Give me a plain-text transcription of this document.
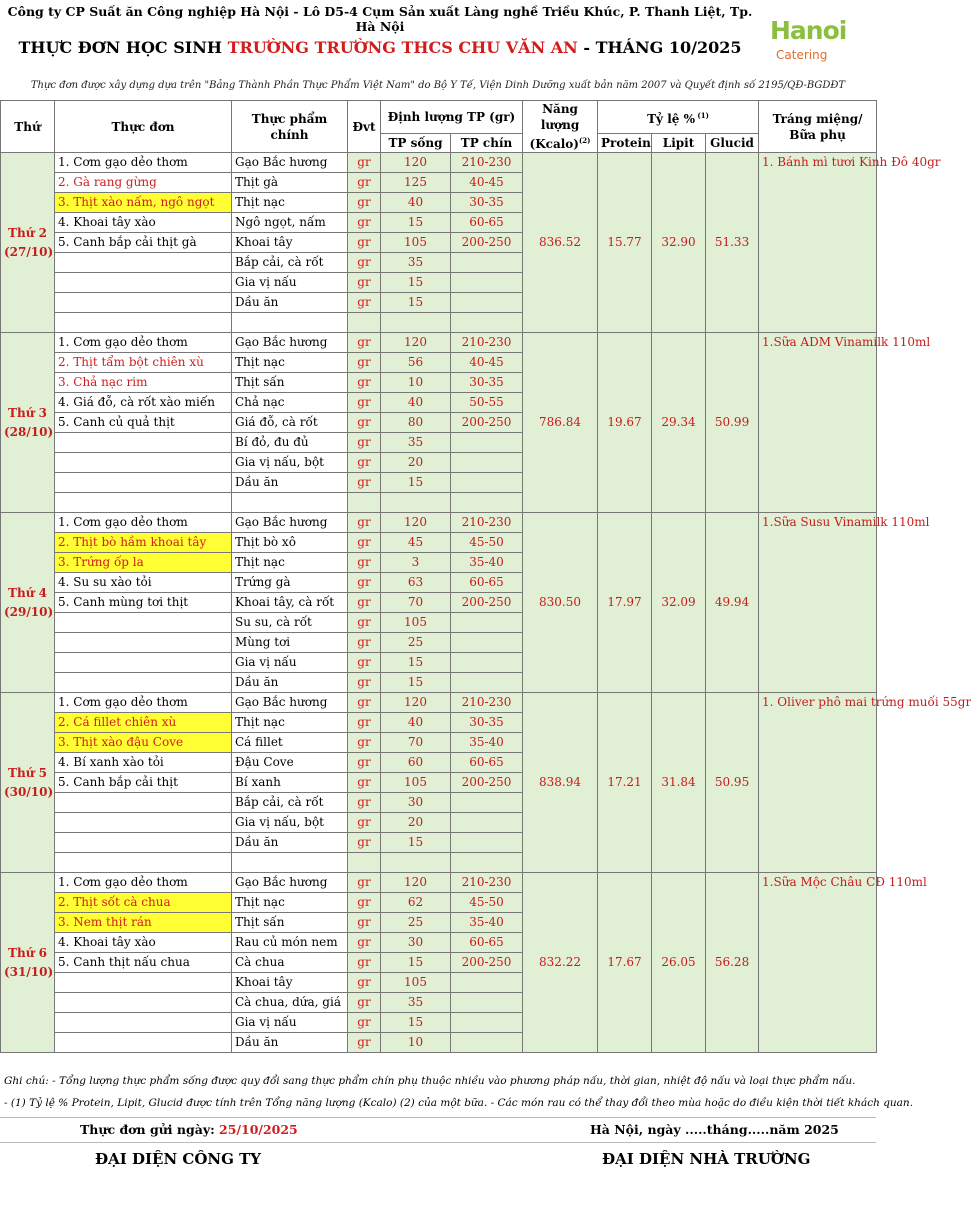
Công ty CP Suất ăn Công nghiệp Hà Nội - Lô D5-4 Cụm Sản xuất Làng nghề Triều Khúc, P. Thanh Liệt, Tp. Hà Nội
THỰC ĐƠN HỌC SINH TRƯỜNG TRƯỜNG THCS CHU VĂN AN - THÁNG 10/2025
Hanoi
Catering
Thực đơn được xây dựng dựa trên "Bảng Thành Phần Thực Phẩm Việt Nam" do Bộ Y Tế, Viện Dinh Dưỡng xuất bản năm 2007 và Quyết định số 2195/QĐ-BGDĐT
Thứ	Thực đơn	Thực phẩm chính	Đvt	Định lượng TP (gr)		Năng lượng
(Kcalo)$^{(2)}$	Tỷ lệ % $^{(1)}$			Tráng miệng/ Bữa phụ
				TP sống	TP chín		Protein	Lipit	Glucid	
Thứ 2
(27/10)	1. Cơm gạo dẻo thơm	Gạo Bắc hương	gr	120	210-230	836.52	15.77	32.90	51.33	1. Bánh mì tươi Kinh Đô 40gr
	2. Gà rang gừng	Thịt gà	gr	125	40-45					
	3. Thịt xào nấm, ngô ngọt	Thịt nạc	gr	40	30-35					
	4. Khoai tây xào	Ngô ngọt, nấm	gr	15	60-65					
	5. Canh bắp cải thịt gà	Khoai tây	gr	105	200-250					
		Bắp cải, cà rốt	gr	35						
		Gia vị nấu	gr	15						
		Dầu ăn	gr	15						

Thứ 3
(28/10)	1. Cơm gạo dẻo thơm	Gạo Bắc hương	gr	120	210-230	786.84	19.67	29.34	50.99	1.Sữa ADM Vinamilk 110ml
	2. Thịt tẩm bột chiên xù	Thịt nạc	gr	56	40-45					
	3. Chả nạc rim	Thịt sấn	gr	10	30-35					
	4. Giá đỗ, cà rốt xào miến	Chả nạc	gr	40	50-55					
	5. Canh củ quả thịt	Giá đỗ, cà rốt	gr	80	200-250					
		Bí đỏ, đu đủ	gr	35						
		Gia vị nấu, bột	gr	20						
		Dầu ăn	gr	15						

Thứ 4
(29/10)	1. Cơm gạo dẻo thơm	Gạo Bắc hương	gr	120	210-230	830.50	17.97	32.09	49.94	1.Sữa Susu Vinamilk 110ml
	2. Thịt bò hầm khoai tây	Thịt bò xô	gr	45	45-50					
	3. Trứng ốp la	Thịt nạc	gr	3	35-40					
	4. Su su xào tỏi	Trứng gà	gr	63	60-65					
	5. Canh mùng tơi thịt	Khoai tây, cà rốt	gr	70	200-250					
		Su su, cà rốt	gr	105						
		Mùng tơi	gr	25						
		Gia vị nấu	gr	15						
		Dầu ăn	gr	15						
Thứ 5
(30/10)	1. Cơm gạo dẻo thơm	Gạo Bắc hương	gr	120	210-230	838.94	17.21	31.84	50.95	1. Oliver phô mai trứng muối 55gr
	2. Cá fillet chiên xù	Thịt nạc	gr	40	30-35					
	3. Thịt xào đậu Cove	Cá fillet	gr	70	35-40					
	4. Bí xanh xào tỏi	Đậu Cove	gr	60	60-65					
	5. Canh bắp cải thịt	Bí xanh	gr	105	200-250					
		Bắp cải, cà rốt	gr	30						
		Gia vị nấu, bột	gr	20						
		Dầu ăn	gr	15						

Thứ 6
(31/10)	1. Cơm gạo dẻo thơm	Gạo Bắc hương	gr	120	210-230	832.22	17.67	26.05	56.28	1.Sữa Mộc Châu CĐ 110ml
	2. Thịt sốt cà chua	Thịt nạc	gr	62	45-50					
	3. Nem thịt rán	Thịt sấn	gr	25	35-40					
	4. Khoai tây xào	Rau củ món nem	gr	30	60-65					
	5. Canh thịt nấu chua	Cà chua	gr	15	200-250					
		Khoai tây	gr	105						
		Cà chua, dứa, giá	gr	35						
		Gia vị nấu	gr	15						
		Dầu ăn	gr	10						
Ghi chú: - Tổng lượng thực phẩm sống được quy đổi sang thực phẩm chín phụ thuộc nhiều vào phương pháp nấu, thời gian, nhiệt độ nấu và loại thực phẩm nấu.
- (1) Tỷ lệ % Protein, Lipit, Glucid được tính trên Tổng năng lượng (Kcalo) (2) của một bữa. - Các món rau có thể thay đổi theo mùa hoặc do điều kiện thời tiết khách quan.
Thực đơn gửi ngày: 25/10/2025	Hà Nội, ngày .....tháng.....năm 2025
ĐẠI DIỆN CÔNG TY	ĐẠI DIỆN NHÀ TRƯỜNG
